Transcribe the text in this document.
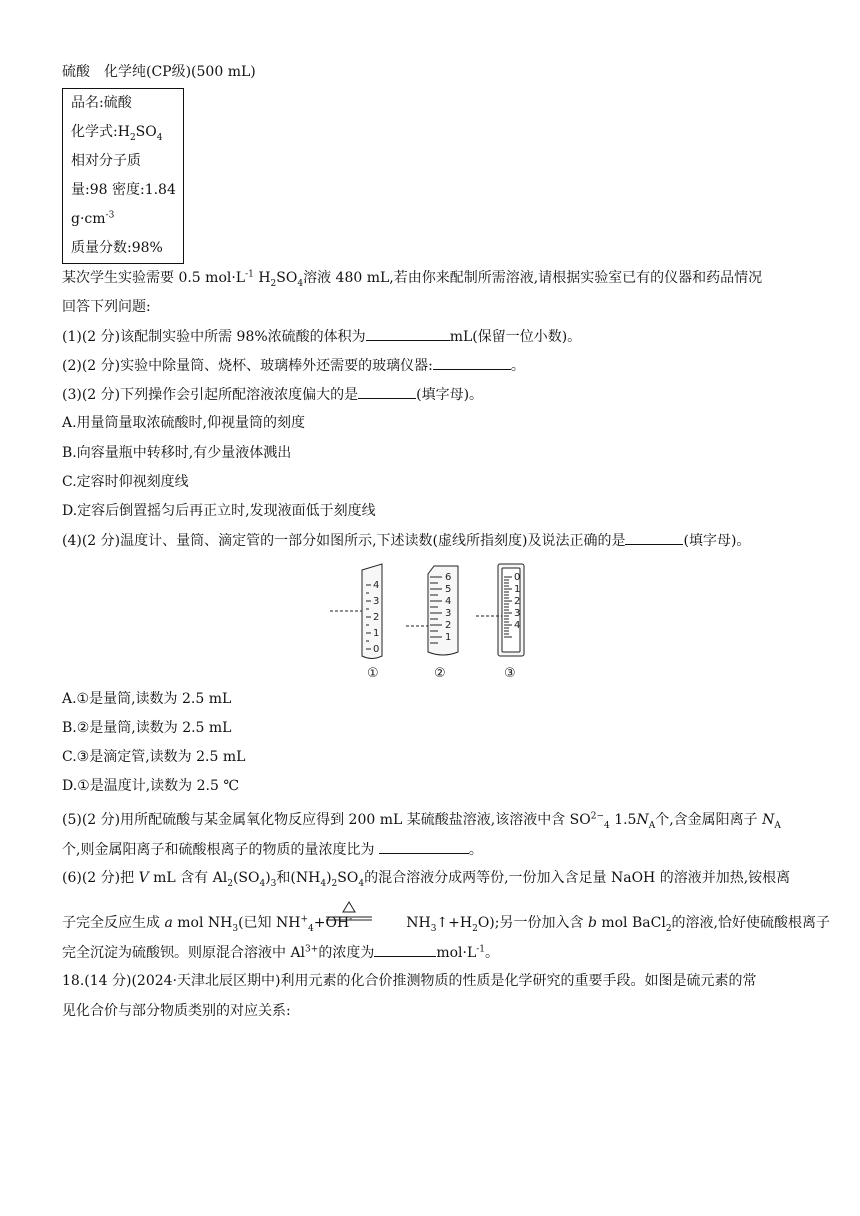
硫酸　化学纯(CP级)(500 mL)
品名:硫酸
化学式$:H_2SO_4$
相对分子质
量:98 密度:1.84
$g\cdot cm^{-3}$
质量分数:98%
某次学生实验需要 0.5 $mol\cdot L^{-1}$ $H_2SO_4$溶液 480 mL,若由你来配制所需溶液,请根据实验室已有的仪器和药品情况
回答下列问题:
(1)(2 分)该配制实验中所需 98%浓硫酸的体积为	mL(保留一位小数)。
(2)(2 分)实验中除量筒、烧杯、玻璃棒外还需要的玻璃仪器:	。
(3)(2 分)下列操作会引起所配溶液浓度偏大的是	(填字母)。
A.用量筒量取浓硫酸时,仰视量筒的刻度
B.向容量瓶中转移时,有少量液体溅出
C.定容时仰视刻度线
D.定容后倒置摇匀后再正立时,发现液面低于刻度线
(4)(2 分)温度计、量筒、滴定管的一部分如图所示,下述读数(虚线所指刻度)及说法正确的是	(填字母)。
4
3
2
1
0
6
5
4
3
2
1
0
1
2
3
4
①	②	③
A.①是量筒,读数为 2.5 mL
B.②是量筒,读数为 2.5 mL
C.③是滴定管,读数为 2.5 mL
D.①是温度计,读数为 2.5 ℃
(5)(2 分)用所配硫酸与某金属氧化物反应得到 200 mL 某硫酸盐溶液,该溶液中含 $SO^{2-}_4$ $1.5N_A$个,含金属阳离子 $N_A$
个,则金属阳离子和硫酸根离子的物质的量浓度比为	。
(6)(2 分)把 V mL 含有 $Al_2(SO_4)_3$和$(NH_4)_2SO_4$的混合溶液分成两等份,一份加入含足量 NaOH 的溶液并加热,铵根离
子完全反应生成 a mol $NH_3$(已知 $NH^+_4+OH^-$	$NH_3↑+H_2O$);另一份加入含 b mol BaCl$_2$的溶液,恰好使硫酸根离子
完全沉淀为硫酸钡。则原混合溶液中 $Al^{3+}$的浓度为	$mol\cdot L^{-1}$。
18.(14 分)(2024·天津北辰区期中)利用元素的化合价推测物质的性质是化学研究的重要手段。如图是硫元素的常
见化合价与部分物质类别的对应关系:
